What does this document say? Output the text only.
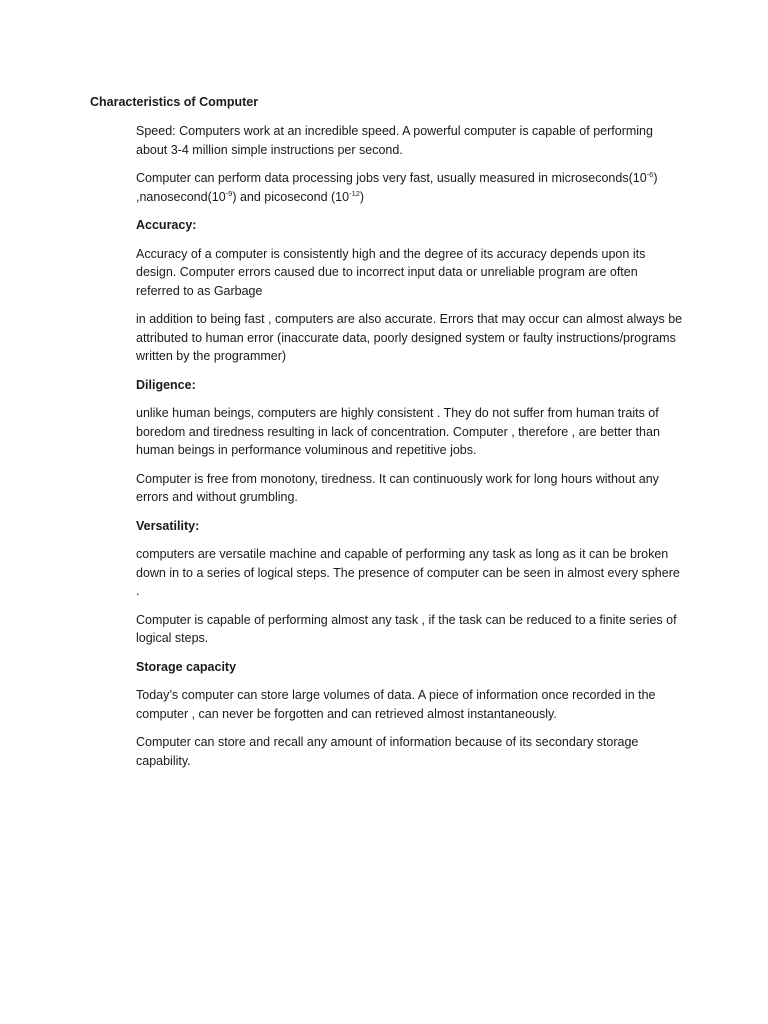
Characteristics of Computer

Speed: Computers work at an incredible speed. A powerful computer is capable of performing about 3-4 million simple instructions per second.

Computer can perform data processing jobs very fast, usually measured in $microseconds(10^{-6})$ $,nanosecond(10^{-9})$ and picosecond $(10^{-12})$

Accuracy:

Accuracy of a computer is consistently high and the degree of its accuracy depends upon its design. Computer errors caused due to incorrect input data or unreliable program are often referred to as Garbage

in addition to being fast , computers are also accurate. Errors that may occur can almost always be attributed to human error (inaccurate data, poorly designed system or faulty instructions/programs written by the programmer)

Diligence:

unlike human beings, computers are highly consistent . They do not suffer from human traits of boredom and tiredness resulting in lack of concentration. Computer , therefore , are better than human beings in performance voluminous and repetitive jobs.

Computer is free from monotony, tiredness. It can continuously work for long hours without any errors and without grumbling.

Versatility:

computers are versatile machine and capable of performing any task as long as it can be broken down in to a series of logical steps. The presence of computer can be seen in almost every sphere .

Computer is capable of performing almost any task , if the task can be reduced to a finite series of logical steps.

Storage capacity

Today’s computer can store large volumes of data. A piece of information once recorded in the computer , can never be forgotten and can retrieved almost instantaneously.

Computer can store and recall any amount of information because of its secondary storage capability.
